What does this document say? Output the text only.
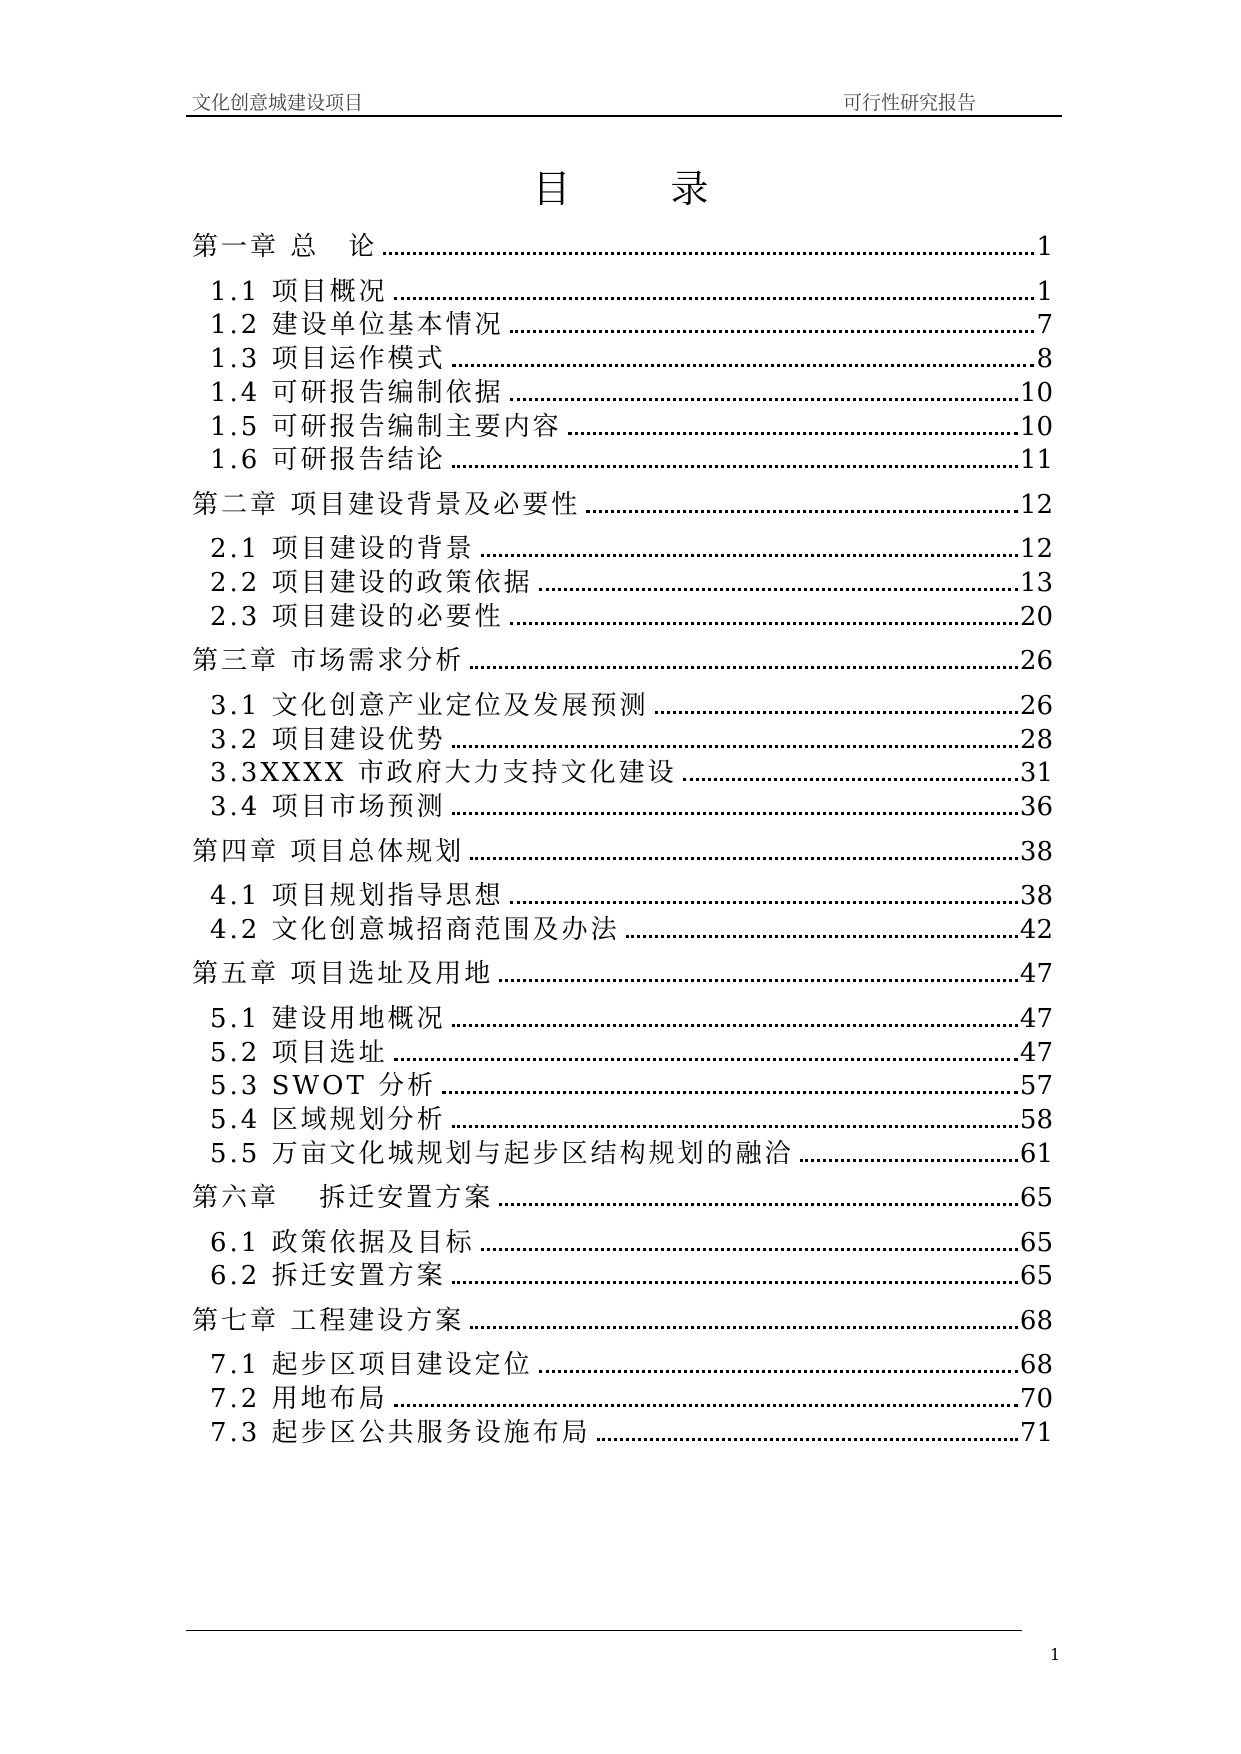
文化创意城建设项目	可行性研究报告
目录
第一章 总　论	1
1.1 项目概况	1
1.2 建设单位基本情况	7
1.3 项目运作模式	8
1.4 可研报告编制依据	10
1.5 可研报告编制主要内容	10
1.6 可研报告结论	11
第二章 项目建设背景及必要性	12
2.1 项目建设的背景	12
2.2 项目建设的政策依据	13
2.3 项目建设的必要性	20
第三章 市场需求分析	26
3.1 文化创意产业定位及发展预测	26
3.2 项目建设优势	28
3.3XXXX 市政府大力支持文化建设	31
3.4 项目市场预测	36
第四章 项目总体规划	38
4.1 项目规划指导思想	38
4.2 文化创意城招商范围及办法	42
第五章 项目选址及用地	47
5.1 建设用地概况	47
5.2 项目选址	47
5.3 SWOT 分析	57
5.4 区域规划分析	58
5.5 万亩文化城规划与起步区结构规划的融洽	61
第六章　 拆迁安置方案	65
6.1 政策依据及目标	65
6.2 拆迁安置方案	65
第七章 工程建设方案	68
7.1 起步区项目建设定位	68
7.2 用地布局	70
7.3 起步区公共服务设施布局	71
1
